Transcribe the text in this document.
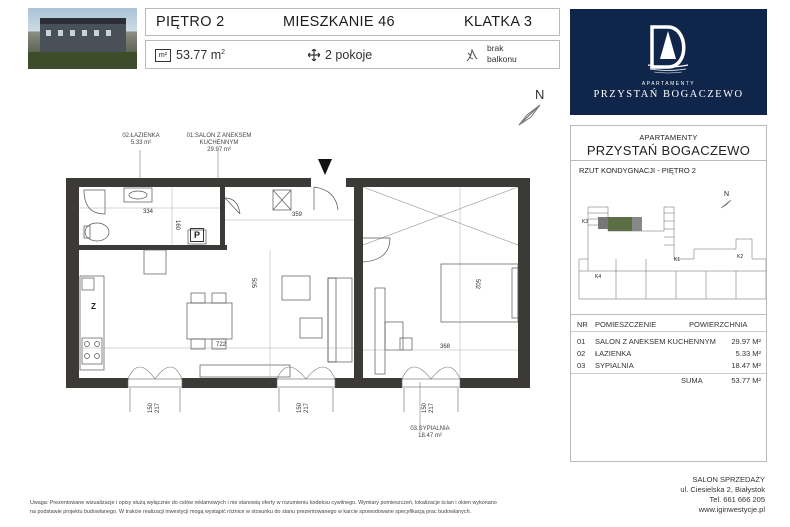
PIĘTRO 2	MIESZKANIE 46	KLATKA 3
m² 53.77 $m^2$	2 pokoje	brak
balkonu
APARTAMENTY
PRZYSTAŃ BOGACZEWO
N
02.ŁAZIENKA
5.33 m²
01.SALON Z ANEKSEM
KUCHENNYM
29.97 m²
03.SYPIALNIA
18.47 m²
334
160
359
505
722
502
368
150 217	150 217	150 217
P
Z
APARTAMENTY
PRZYSTAŃ BOGACZEWO
RZUT KONDYGNACJI - PIĘTRO 2
N
K3
K4
K1	K2
NR POMIESZCZENIE	POWIERZCHNIA
01 SALON Z ANEKSEM KUCHENNYM	29.97 M²
02 ŁAZIENKA	5.33 M²
03 SYPIALNIA	18.47 M²
SUMA	53.77 M²
SALON SPRZEDAŻY
ul. Ciesielska 2, Białystok
Tel. 661 666 205
www.iginwestycje.pl
Uwaga: Prezentowane wizualizacje i opisy służą wyłącznie do celów reklamowych i nie stanowią oferty w rozumieniu kodeksu cywilnego. Wymiary pomieszczeń, lokalizacje ścian i okien wykonano
na podstawie projektu budowlanego. W trakcie realizacji inwestycji mogą wystąpić różnice w stosunku do stanu prezentowanego w karcie spowodowane specyfikacją prac budowlanych.
